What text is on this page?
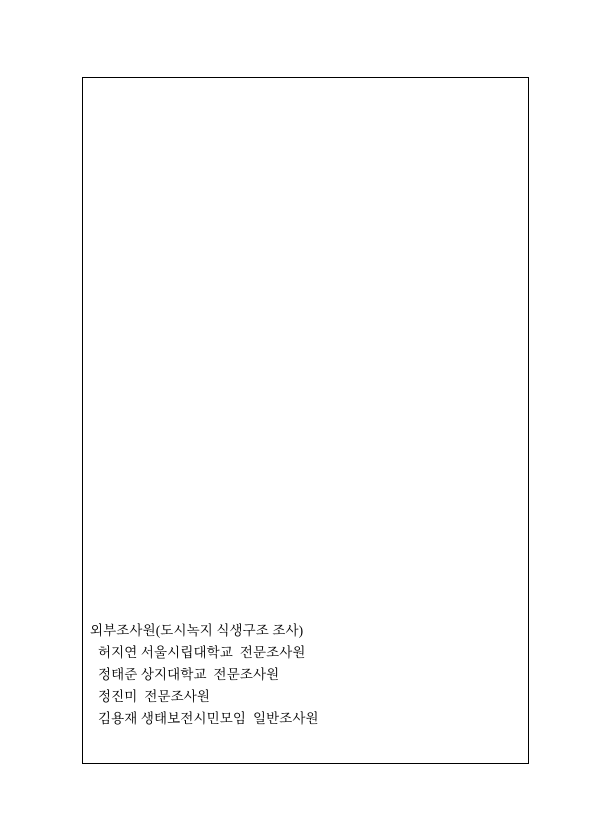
외부조사원(도시녹지 식생구조 조사)
허지연 서울시립대학교  전문조사원
정태준 상지대학교  전문조사원
정진미  전문조사원
김용재 생태보전시민모임  일반조사원
